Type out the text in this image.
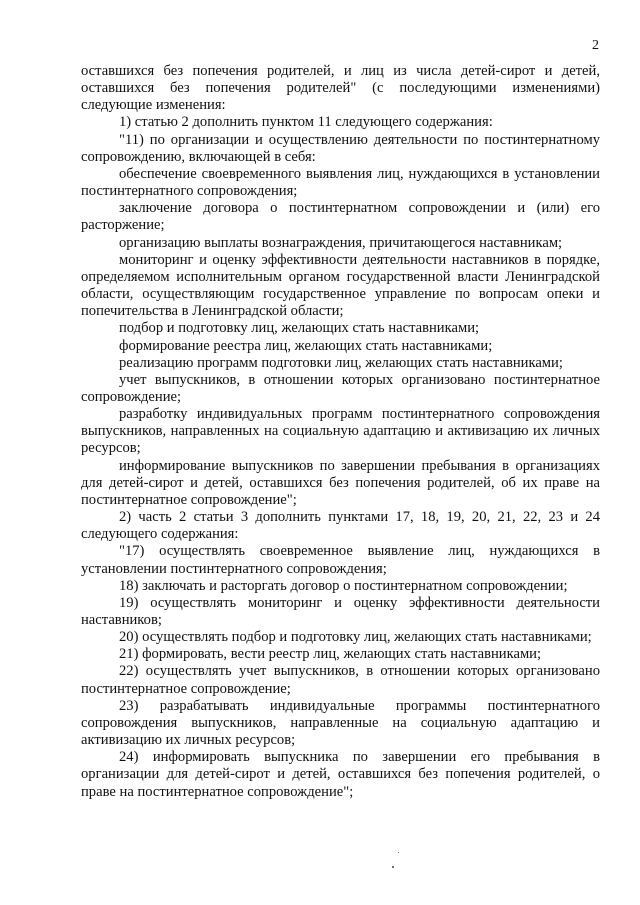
2

оставшихся без попечения родителей, и лиц из числа детей-сирот и детей, оставшихся без попечения родителей" (с последующими изменениями) следующие изменения:

1) статью 2 дополнить пунктом 11 следующего содержания:

"11) по организации и осуществлению деятельности по постинтернатному сопровождению, включающей в себя:

обеспечение своевременного выявления лиц, нуждающихся в установлении постинтернатного сопровождения;

заключение договора о постинтернатном сопровождении и (или) его расторжение;

организацию выплаты вознаграждения, причитающегося наставникам;

мониторинг и оценку эффективности деятельности наставников в порядке, определяемом исполнительным органом государственной власти Ленинградской области, осуществляющим государственное управление по вопросам опеки и попечительства в Ленинградской области;

подбор и подготовку лиц, желающих стать наставниками;

формирование реестра лиц, желающих стать наставниками;

реализацию программ подготовки лиц, желающих стать наставниками;

учет выпускников, в отношении которых организовано постинтернатное сопровождение;

разработку индивидуальных программ постинтернатного сопровождения выпускников, направленных на социальную адаптацию и активизацию их личных ресурсов;

информирование выпускников по завершении пребывания в организациях для детей-сирот и детей, оставшихся без попечения родителей, об их праве на постинтернатное сопровождение";

2) часть 2 статьи 3 дополнить пунктами 17, 18, 19, 20, 21, 22, 23 и 24 следующего содержания:

"17) осуществлять своевременное выявление лиц, нуждающихся в установлении постинтернатного сопровождения;

18) заключать и расторгать договор о постинтернатном сопровождении;

19) осуществлять мониторинг и оценку эффективности деятельности наставников;

20) осуществлять подбор и подготовку лиц, желающих стать наставниками;

21) формировать, вести реестр лиц, желающих стать наставниками;

22) осуществлять учет выпускников, в отношении которых организовано постинтернатное сопровождение;

23) разрабатывать индивидуальные программы постинтернатного сопровождения выпускников, направленные на социальную адаптацию и активизацию их личных ресурсов;

24) информировать выпускника по завершении его пребывания в организации для детей-сирот и детей, оставшихся без попечения родителей, о праве на постинтернатное сопровождение";
